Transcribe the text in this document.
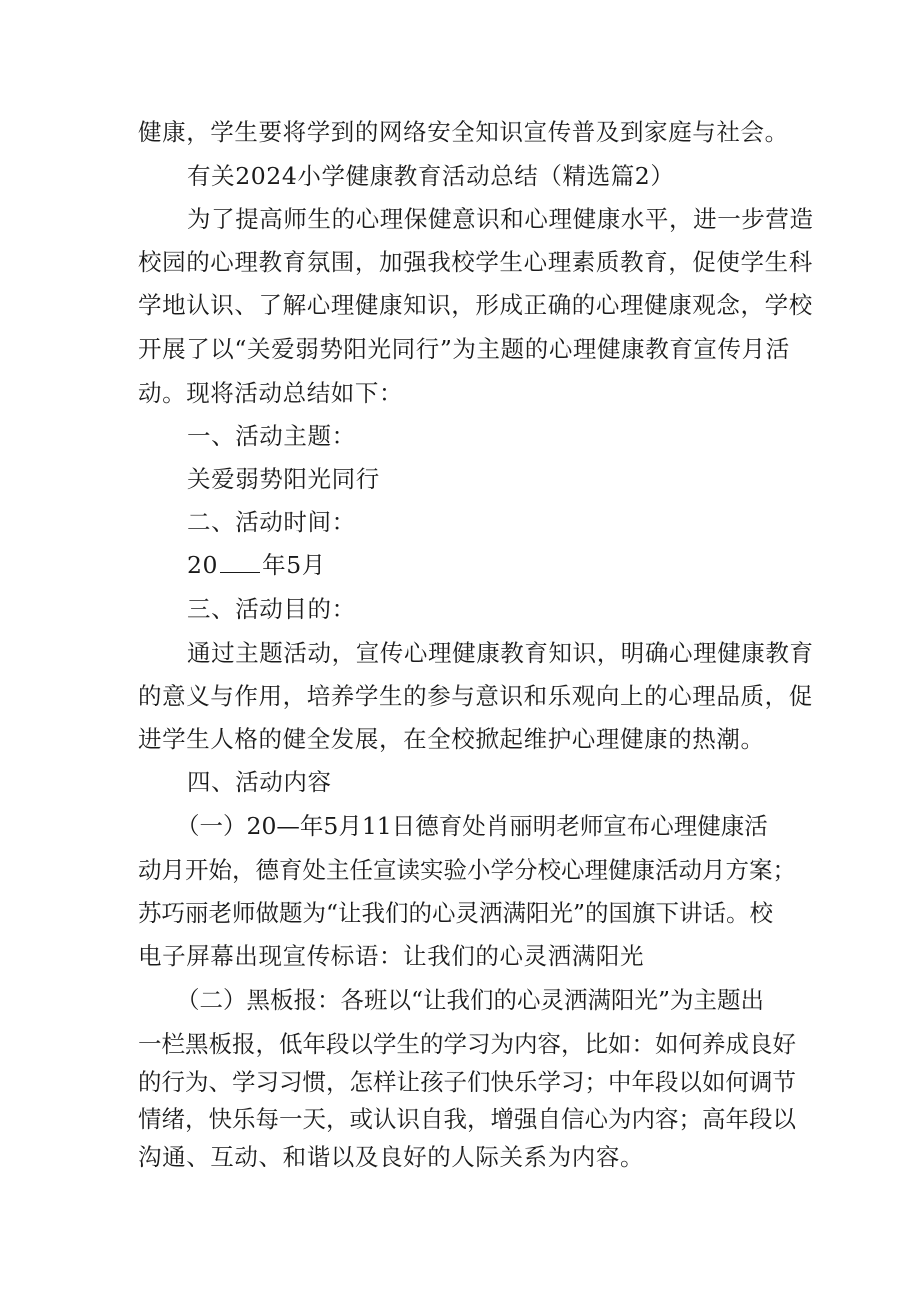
健康，学生要将学到的网络安全知识宣传普及到家庭与社会。
有关2024小学健康教育活动总结（精选篇2）
为了提高师生的心理保健意识和心理健康水平，进一步营造
校园的心理教育氛围，加强我校学生心理素质教育，促使学生科
学地认识、了解心理健康知识，形成正确的心理健康观念，学校
开展了以“关爱弱势阳光同行”为主题的心理健康教育宣传月活
动。现将活动总结如下：
一、活动主题：
关爱弱势阳光同行
二、活动时间：
20 年5月
三、活动目的：
通过主题活动，宣传心理健康教育知识，明确心理健康教育
的意义与作用，培养学生的参与意识和乐观向上的心理品质，促
进学生人格的健全发展，在全校掀起维护心理健康的热潮。
四、活动内容
（一）20—年5月11日德育处肖丽明老师宣布心理健康活
动月开始，德育处主任宣读实验小学分校心理健康活动月方案；
苏巧丽老师做题为“让我们的心灵洒满阳光”的国旗下讲话。校
电子屏幕出现宣传标语：让我们的心灵洒满阳光
（二）黑板报：各班以“让我们的心灵洒满阳光”为主题出
一栏黑板报，低年段以学生的学习为内容，比如：如何养成良好
的行为、学习习惯，怎样让孩子们快乐学习；中年段以如何调节
情绪，快乐每一天，或认识自我，增强自信心为内容；高年段以
沟通、互动、和谐以及良好的人际关系为内容。
